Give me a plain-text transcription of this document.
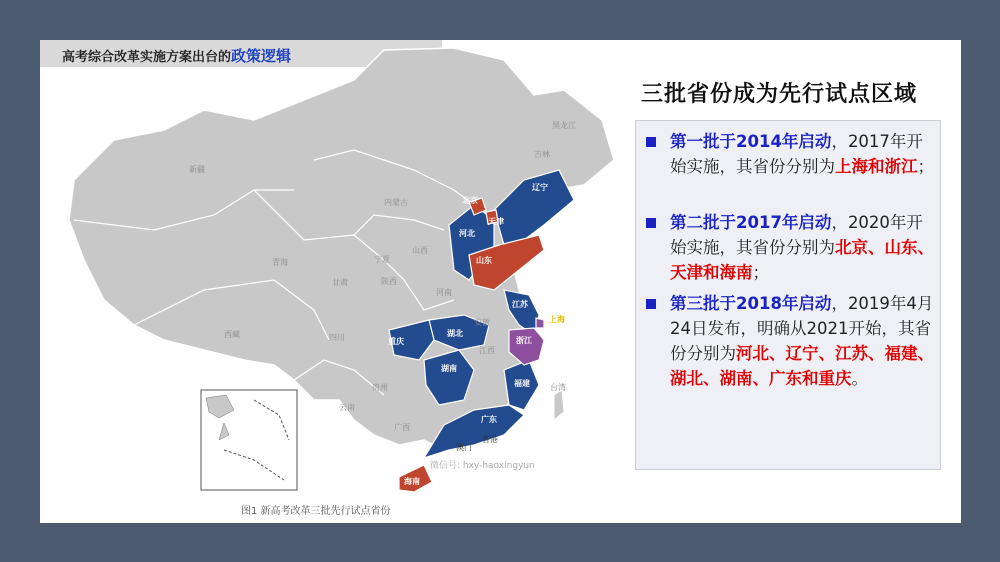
高考综合改革实施方案出台的政策逻辑
黑龙江
吉林
新疆
内蒙古
山西
青海
甘肃
宁夏
陕西
河南
安徽
西藏	四川
江西
贵州
云南
广西
台湾
香港
澳门
辽宁
河北
北京
天津
山东
江苏
湖北
重庆
湖南
福建
广东
浙江
海南
上海
微信号: hxy-haoxingyun
图1 新高考改革三批先行试点省份
三批省份成为先行试点区域
第一批于2014年启动，2017年开始实施，其省份分别为上海和浙江；
第二批于2017年启动，2020年开始实施，其省份分别为北京、山东、天津和海南；
第三批于2018年启动，2019年4月24日发布，明确从2021开始，其省份分别为河北、辽宁、江苏、福建、湖北、湖南、广东和重庆。
